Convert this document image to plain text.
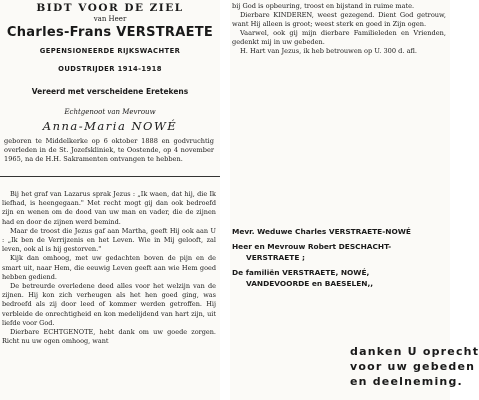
BIDT VOOR DE ZIEL
van Heer
Charles-Frans VERSTRAETE
GEPENSIONEERDE RIJKSWACHTER
OUDSTRIJDER 1914-1918
Vereerd met verscheidene Eretekens
Echtgenoot van Mevrouw
Anna-Maria NOWÉ
geboren te Middelkerke op 6 oktober 1888 en godvruchtig overleden in de St. Jozefskliniek, te Oostende, op 4 november 1965, na de H.H. Sakramenten ontvangen te hebben.

Bij het graf van Lazarus sprak Jezus : „Ik waen, dat hij, die Ik liefhad, is heengegaan." Met recht mogt gij dan ook bedroefd zijn en wenen om de dood van uw man en vader, die de zijnen had en door de zijnen werd bemind.

Maar de troost die Jezus gaf aan Martha, geeft Hij ook aan U : „Ik ben de Verrijzenis en het Leven. Wie in Mij gelooft, zal leven, ook al is hij gestorven."

Kijk dan omhoog, met uw gedachten boven de pijn en de smart uit, naar Hem, die eeuwig Leven geeft aan wie Hem goed hebben gediend.

De betreurde overledene deed alles voor het welzijn van de zijnen. Hij kon zich verheugen als het hen goed ging, was bedroefd als zij door leed of kommer werden getroffen. Hij verbleide de onrechtigheid en kon medelijdend van hart zijn, uit liefde voor God.

Dierbare ECHTGENOTE, hebt dank om uw goede zorgen. Richt nu uw ogen omhoog, want

bij God is opbeuring, troost en bijstand in ruime mate.

Dierbare KINDEREN, weest gezegend. Dient God getrouw, want Hij alleen is groot; weest sterk en goed in Zijn ogen.

Vaarwel, ook gij mijn dierbare Familieleden en Vrienden, gedenkt mij in uw gebeden.

H. Hart van Jezus, ik heb betrouwen op U. 300 d. afl.

Mevr. Weduwe Charles VERSTRAETE-NOWÉ
Heer en Mevrouw Robert DESCHACHT-
VERSTRAETE ;
De familiën VERSTRAETE, NOWÉ,
VANDEVOORDE en BAESELEN,,
danken U oprecht
voor uw gebeden
en deelneming.
